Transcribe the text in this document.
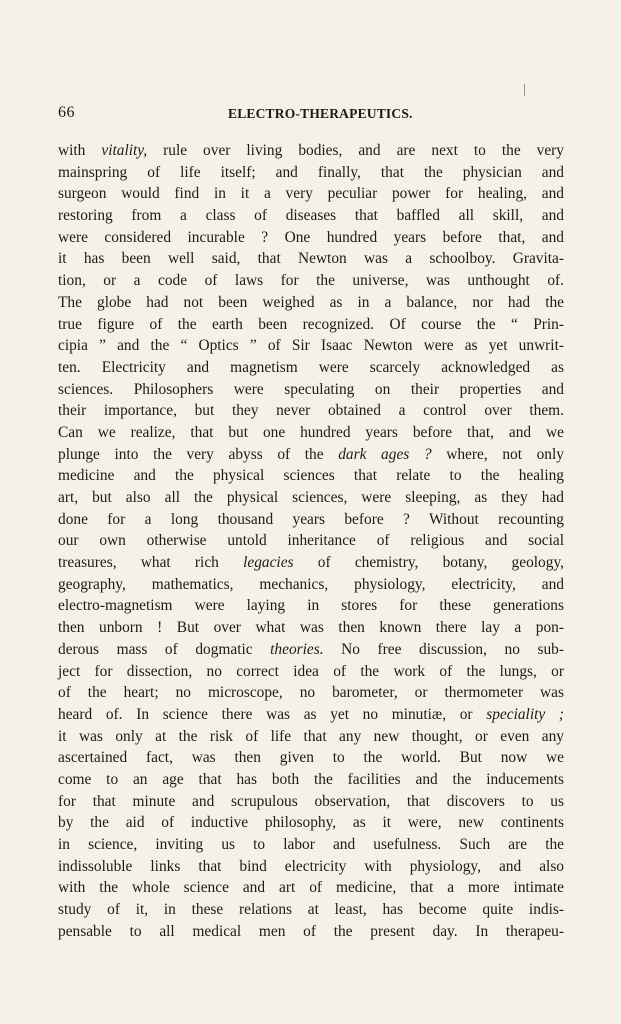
66	ELECTRO-THERAPEUTICS.
with vitality, rule over living bodies, and are next to the very
mainspring of life itself; and finally, that the physician and
surgeon would find in it a very peculiar power for healing, and
restoring from a class of diseases that baffled all skill, and
were considered incurable ? One hundred years before that, and
it has been well said, that Newton was a schoolboy. Gravita-
tion, or a code of laws for the universe, was unthought of.
The globe had not been weighed as in a balance, nor had the
true figure of the earth been recognized. Of course the “ Prin-
cipia ” and the “ Optics ” of Sir Isaac Newton were as yet unwrit-
ten. Electricity and magnetism were scarcely acknowledged as
sciences. Philosophers were speculating on their properties and
their importance, but they never obtained a control over them.
Can we realize, that but one hundred years before that, and we
plunge into the very abyss of the dark ages ? where, not only
medicine and the physical sciences that relate to the healing
art, but also all the physical sciences, were sleeping, as they had
done for a long thousand years before ? Without recounting
our own otherwise untold inheritance of religious and social
treasures, what rich legacies of chemistry, botany, geology,
geography, mathematics, mechanics, physiology, electricity, and
electro-magnetism were laying in stores for these generations
then unborn ! But over what was then known there lay a pon-
derous mass of dogmatic theories. No free discussion, no sub-
ject for dissection, no correct idea of the work of the lungs, or
of the heart; no microscope, no barometer, or thermometer was
heard of. In science there was as yet no minutiæ, or speciality ;
it was only at the risk of life that any new thought, or even any
ascertained fact, was then given to the world. But now we
come to an age that has both the facilities and the inducements
for that minute and scrupulous observation, that discovers to us
by the aid of inductive philosophy, as it were, new continents
in science, inviting us to labor and usefulness. Such are the
indissoluble links that bind electricity with physiology, and also
with the whole science and art of medicine, that a more intimate
study of it, in these relations at least, has become quite indis-
pensable to all medical men of the present day. In therapeu-
